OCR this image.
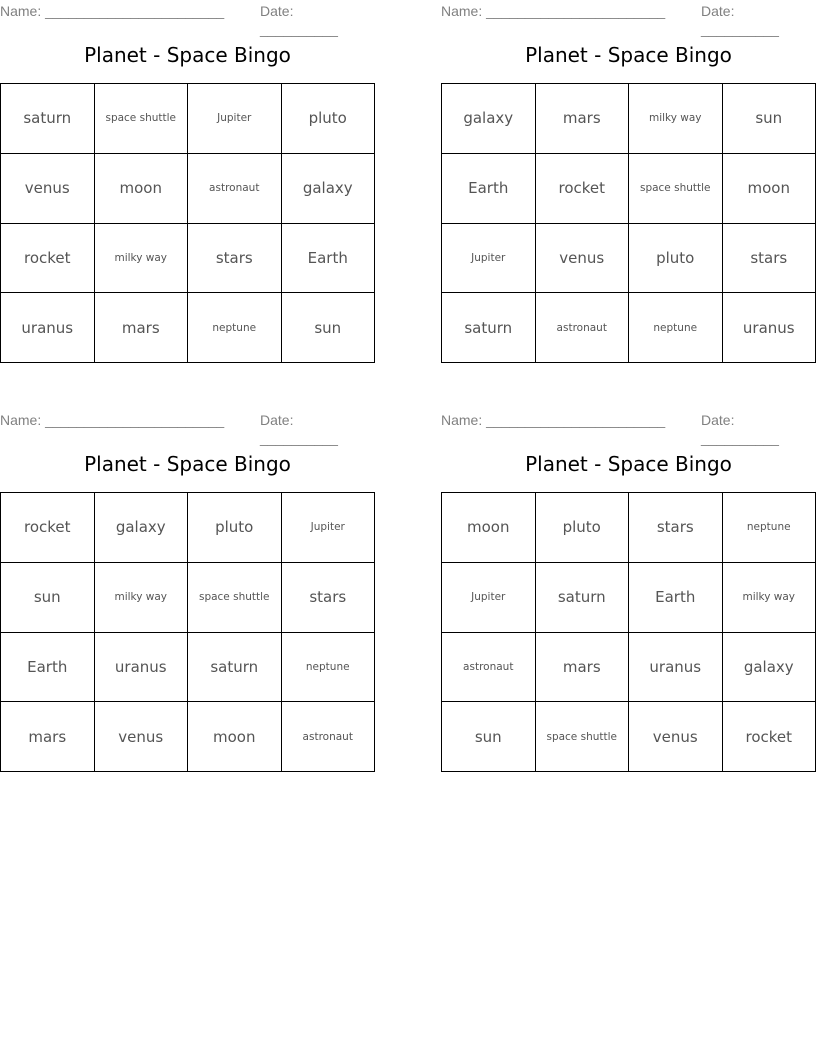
Name: _______________________	Date: __________
Planet - Space Bingo
saturn	space shuttle	Jupiter	pluto
venus	moon	astronaut	galaxy
rocket	milky way	stars	Earth
uranus	mars	neptune	sun
Name: _______________________	Date: __________
Planet - Space Bingo
galaxy	mars	milky way	sun
Earth	rocket	space shuttle	moon
Jupiter	venus	pluto	stars
saturn	astronaut	neptune	uranus
Name: _______________________	Date: __________
Planet - Space Bingo
rocket	galaxy	pluto	Jupiter
sun	milky way	space shuttle	stars
Earth	uranus	saturn	neptune
mars	venus	moon	astronaut
Name: _______________________	Date: __________
Planet - Space Bingo
moon	pluto	stars	neptune
Jupiter	saturn	Earth	milky way
astronaut	mars	uranus	galaxy
sun	space shuttle	venus	rocket
